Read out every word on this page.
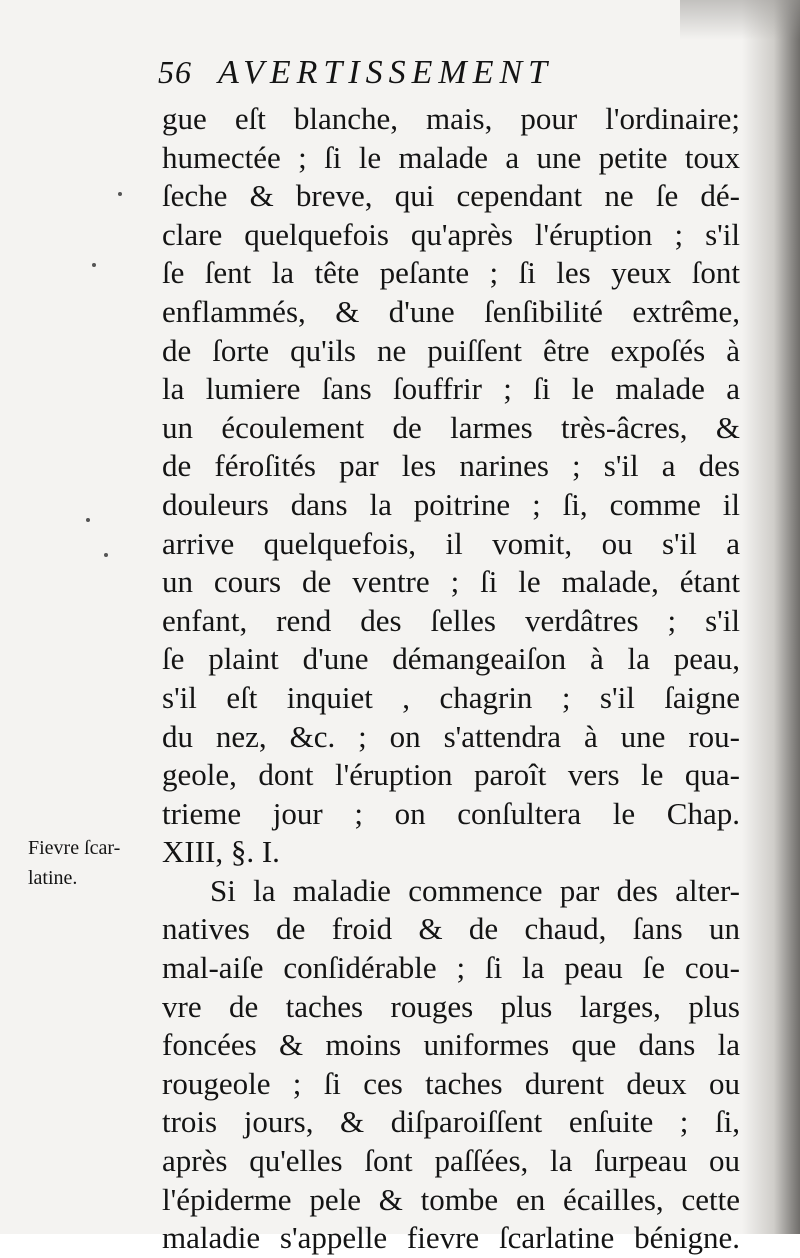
56 AVERTISSEMENT
Fievre ſcar-
latine.
gue eſt blanche, mais, pour l'ordinaire;
humectée ; ſi le malade a une petite toux
ſeche & breve, qui cependant ne ſe dé-
clare quelquefois qu'après l'éruption ; s'il
ſe ſent la tête peſante ; ſi les yeux ſont
enflammés, & d'une ſenſibilité extrême,
de ſorte qu'ils ne puiſſent être expoſés à
la lumiere ſans ſouffrir ; ſi le malade a
un écoulement de larmes très-âcres, &
de féroſités par les narines ; s'il a des
douleurs dans la poitrine ; ſi, comme il
arrive quelquefois, il vomit, ou s'il a
un cours de ventre ; ſi le malade, étant
enfant, rend des ſelles verdâtres ; s'il
ſe plaint d'une démangeaiſon à la peau,
s'il eſt inquiet , chagrin ; s'il ſaigne
du nez, &c. ; on s'attendra à une rou-
geole, dont l'éruption paroît vers le qua-
trieme jour ; on conſultera le Chap.
XIII, §. I.
Si la maladie commence par des alter-
natives de froid & de chaud, ſans un
mal-aiſe conſidérable ; ſi la peau ſe cou-
vre de taches rouges plus larges, plus
foncées & moins uniformes que dans la
rougeole ; ſi ces taches durent deux ou
trois jours, & diſparoiſſent enſuite ; ſi,
après qu'elles ſont paſſées, la ſurpeau ou
l'épiderme pele & tombe en écailles, cette
maladie s'appelle fievre ſcarlatine bénigne.
